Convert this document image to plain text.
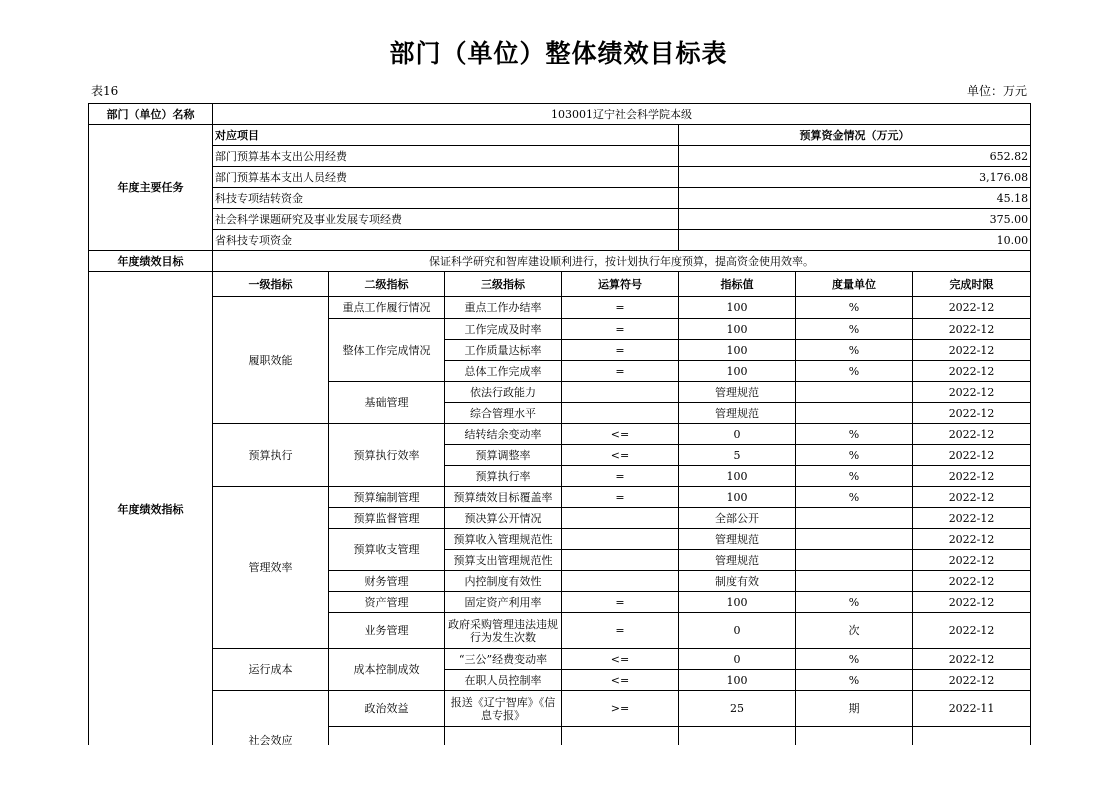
部门（单位）整体绩效目标表
表16	单位：万元
部门（单位）名称	103001辽宁社会科学院本级						
年度主要任务	对应项目				预算资金情况（万元）		
	部门预算基本支出公用经费				652.82		
	部门预算基本支出人员经费				3,176.08		
	科技专项结转资金				45.18		
	社会科学课题研究及事业发展专项经费				375.00		
	省科技专项资金				10.00		
年度绩效目标	保证科学研究和智库建设顺利进行，按计划执行年度预算，提高资金使用效率。						
年度绩效指标	一级指标	二级指标	三级指标	运算符号	指标值	度量单位	完成时限
	履职效能	重点工作履行情况	重点工作办结率	=	100	%	2022-12
		整体工作完成情况	工作完成及时率	=	100	%	2022-12
			工作质量达标率	=	100	%	2022-12
			总体工作完成率	=	100	%	2022-12
		基础管理	依法行政能力		管理规范		2022-12
			综合管理水平		管理规范		2022-12
	预算执行	预算执行效率	结转结余变动率	<=	0	%	2022-12
			预算调整率	<=	5	%	2022-12
			预算执行率	=	100	%	2022-12
	管理效率	预算编制管理	预算绩效目标覆盖率	=	100	%	2022-12
		预算监督管理	预决算公开情况		全部公开		2022-12
		预算收支管理	预算收入管理规范性		管理规范		2022-12
			预算支出管理规范性		管理规范		2022-12
		财务管理	内控制度有效性		制度有效		2022-12
		资产管理	固定资产利用率	=	100	%	2022-12
		业务管理	政府采购管理违法违规行为发生次数	=	0	次	2022-12
	运行成本	成本控制成效	“三公”经费变动率	<=	0	%	2022-12
			在职人员控制率	<=	100	%	2022-12
	社会效应	政治效益	报送《辽宁智库》《信息专报》	>=	25	期	2022-11
